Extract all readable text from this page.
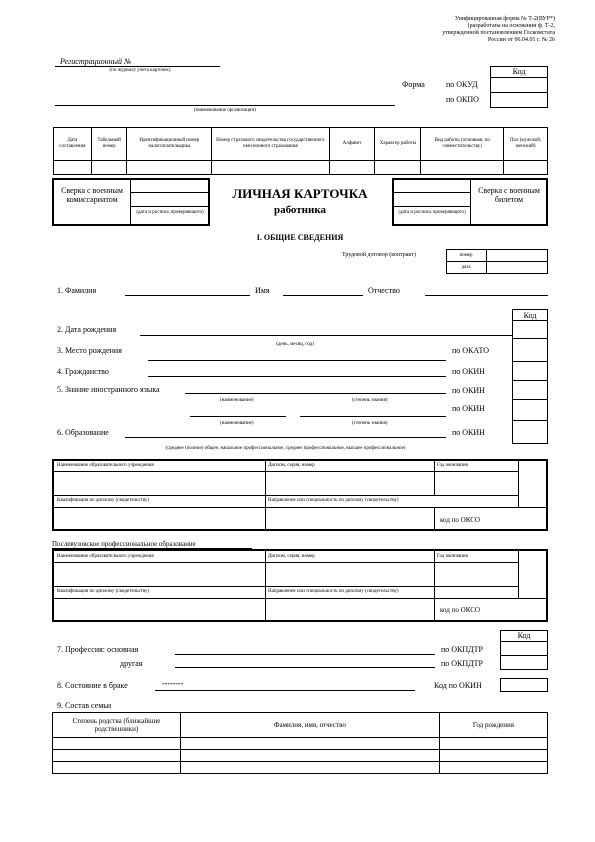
Унифицированная форма № Т-2(ВУР*)
(разработана на основании ф. Т-2,
утвержденной постановлением Госкомстата
России от 06.04.01 г. № 26
Регистрационный №
(по журналу учета карточек)
(наименование организации)
Код
Форма	по ОКУД
по ОКПО
Дата составления	Табельный номер	Идентификационный номер налогоплательщика	Номер страхового свидетельства государственного пенсионного страхования	Алфавит	Характер работы	Вид работы (основная, по совместительству)	Пол (мужской, женский)

Сверка с военным комиссариатом
(дата и роспись проверяющего)
ЛИЧНАЯ КАРТОЧКА
работника	(дата и роспись проверяющего)
Сверка с военным билетом
I. ОБЩИЕ СВЕДЕНИЯ
Трудовой договор (контракт)	номер
дата
1. Фамилия	Имя	Отчество
Код
2. Дата рождения
(день, месяц, год)
3. Место рождения	по ОКАТО
4. Гражданство	по ОКИН
5. Знание иностранного языка	по ОКИН
(наименование)	(степень знания)
по ОКИН
(наименование)	(степень знания)
6. Образование	по ОКИН
(среднее (полное) общее, начальное профессиональное, среднее профессиональное, высшее профессиональное)
Наименование образовательного учреждения	Диплом, серия, номер	Год окончания
Квалификация по диплому (свидетельству)	Направление или специальность по диплому (свидетельству)
код по ОКСО
Послевузовское профессиональное образование
Наименование образовательного учреждения	Диплом, серия, номер	Год окончания
Квалификация по диплому (свидетельству)	Направление или специальность по диплому (свидетельству)
код по ОКСО
Код
7. Профессия: основная	по ОКПДТР
другая	по ОКПДТР
8. Состояние в браке	--------	Код по ОКИН
9. Состав семьи
Степень родства (ближайшие родственники)	Фамилия, имя, отчество	Год рождения
